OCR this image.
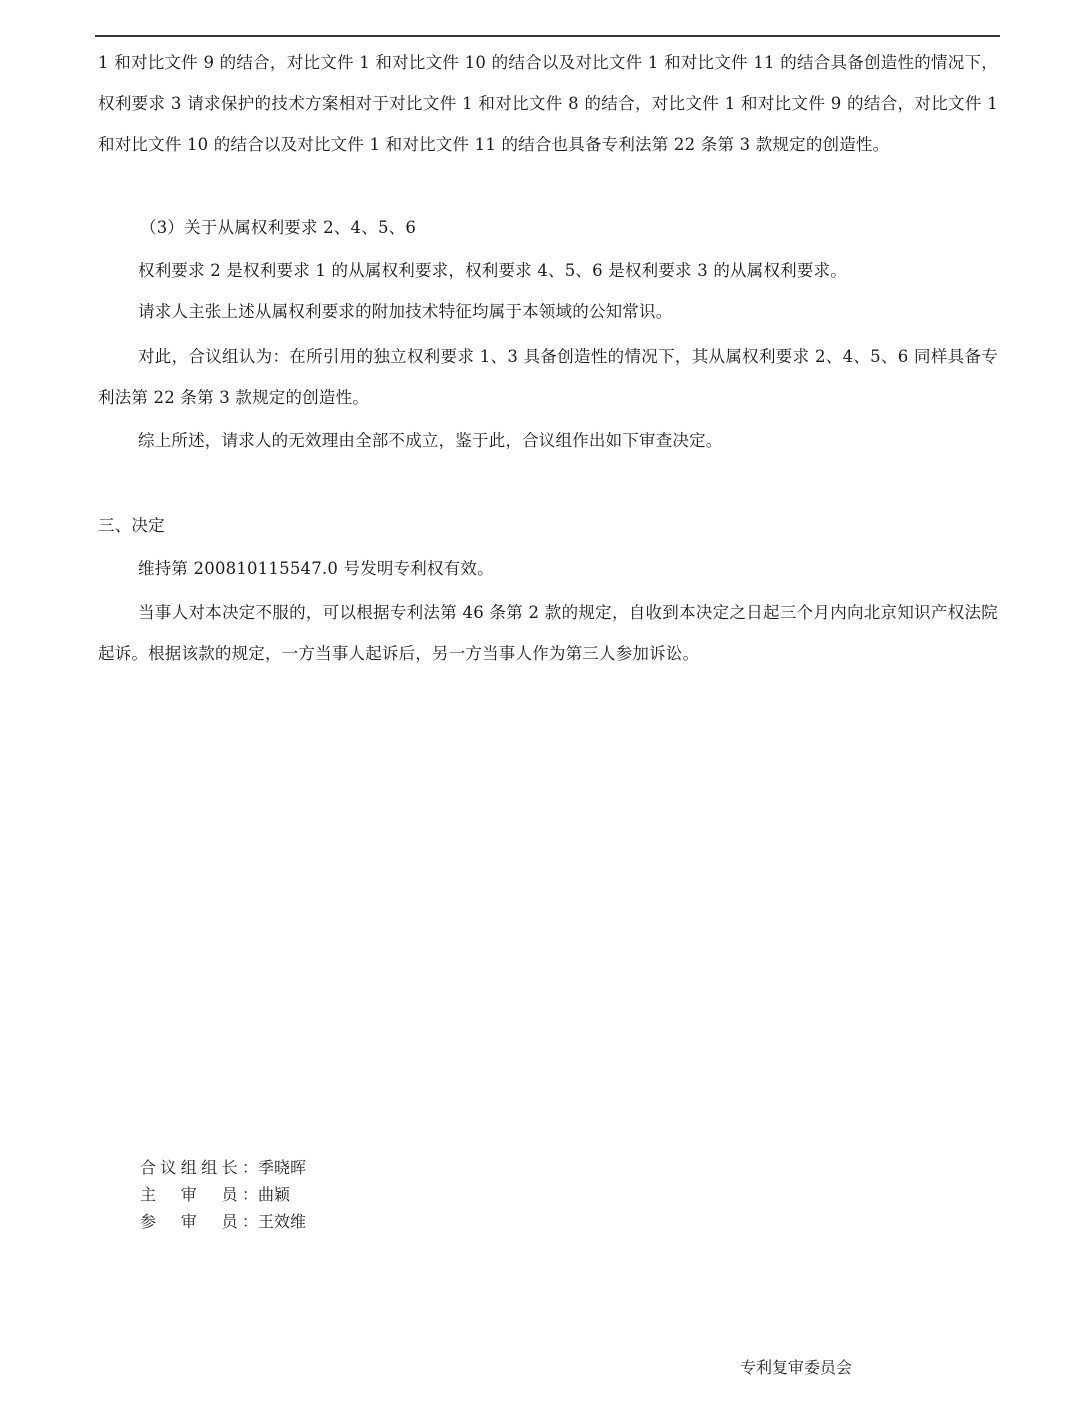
1 和对比文件 9 的结合，对比文件 1 和对比文件 10 的结合以及对比文件 1 和对比文件 11 的结合具备创造性的情况下，权利要求 3 请求保护的技术方案相对于对比文件 1 和对比文件 8 的结合，对比文件 1 和对比文件 9 的结合，对比文件 1 和对比文件 10 的结合以及对比文件 1 和对比文件 11 的结合也具备专利法第 22 条第 3 款规定的创造性。

（3）关于从属权利要求 2、4、5、6
权利要求 2 是权利要求 1 的从属权利要求，权利要求 4、5、6 是权利要求 3 的从属权利要求。
请求人主张上述从属权利要求的附加技术特征均属于本领域的公知常识。

对此，合议组认为：在所引用的独立权利要求 1、3 具备创造性的情况下，其从属权利要求 2、4、5、6 同样具备专利法第 22 条第 3 款规定的创造性。

综上所述，请求人的无效理由全部不成立，鉴于此，合议组作出如下审查决定。
三、决定
维持第 200810115547.0 号发明专利权有效。

当事人对本决定不服的，可以根据专利法第 46 条第 2 款的规定，自收到本决定之日起三个月内向北京知识产权法院起诉。根据该款的规定，一方当事人起诉后，另一方当事人作为第三人参加诉讼。

合议组组长：季晓晖
主　审　员：曲颖
参　审　员：王效维
专利复审委员会
